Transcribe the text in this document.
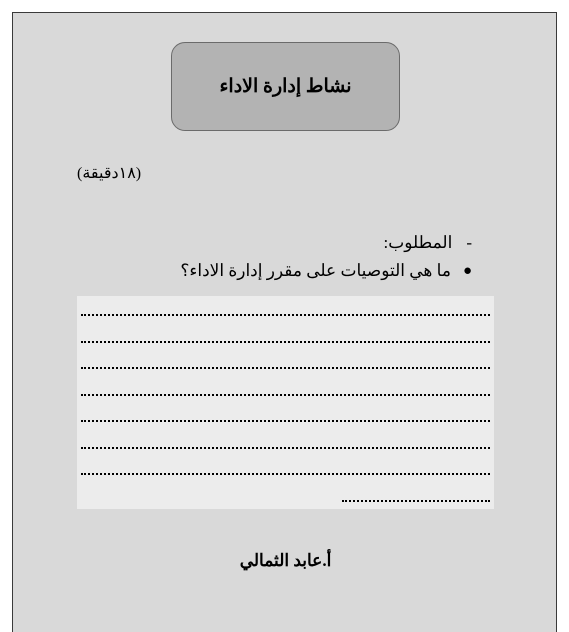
نشاط إدارة الاداء
(١٨دقيقة)
-
المطلوب:
●
ما هي التوصيات على مقرر إدارة الاداء؟
أ.عابد الثمالي
